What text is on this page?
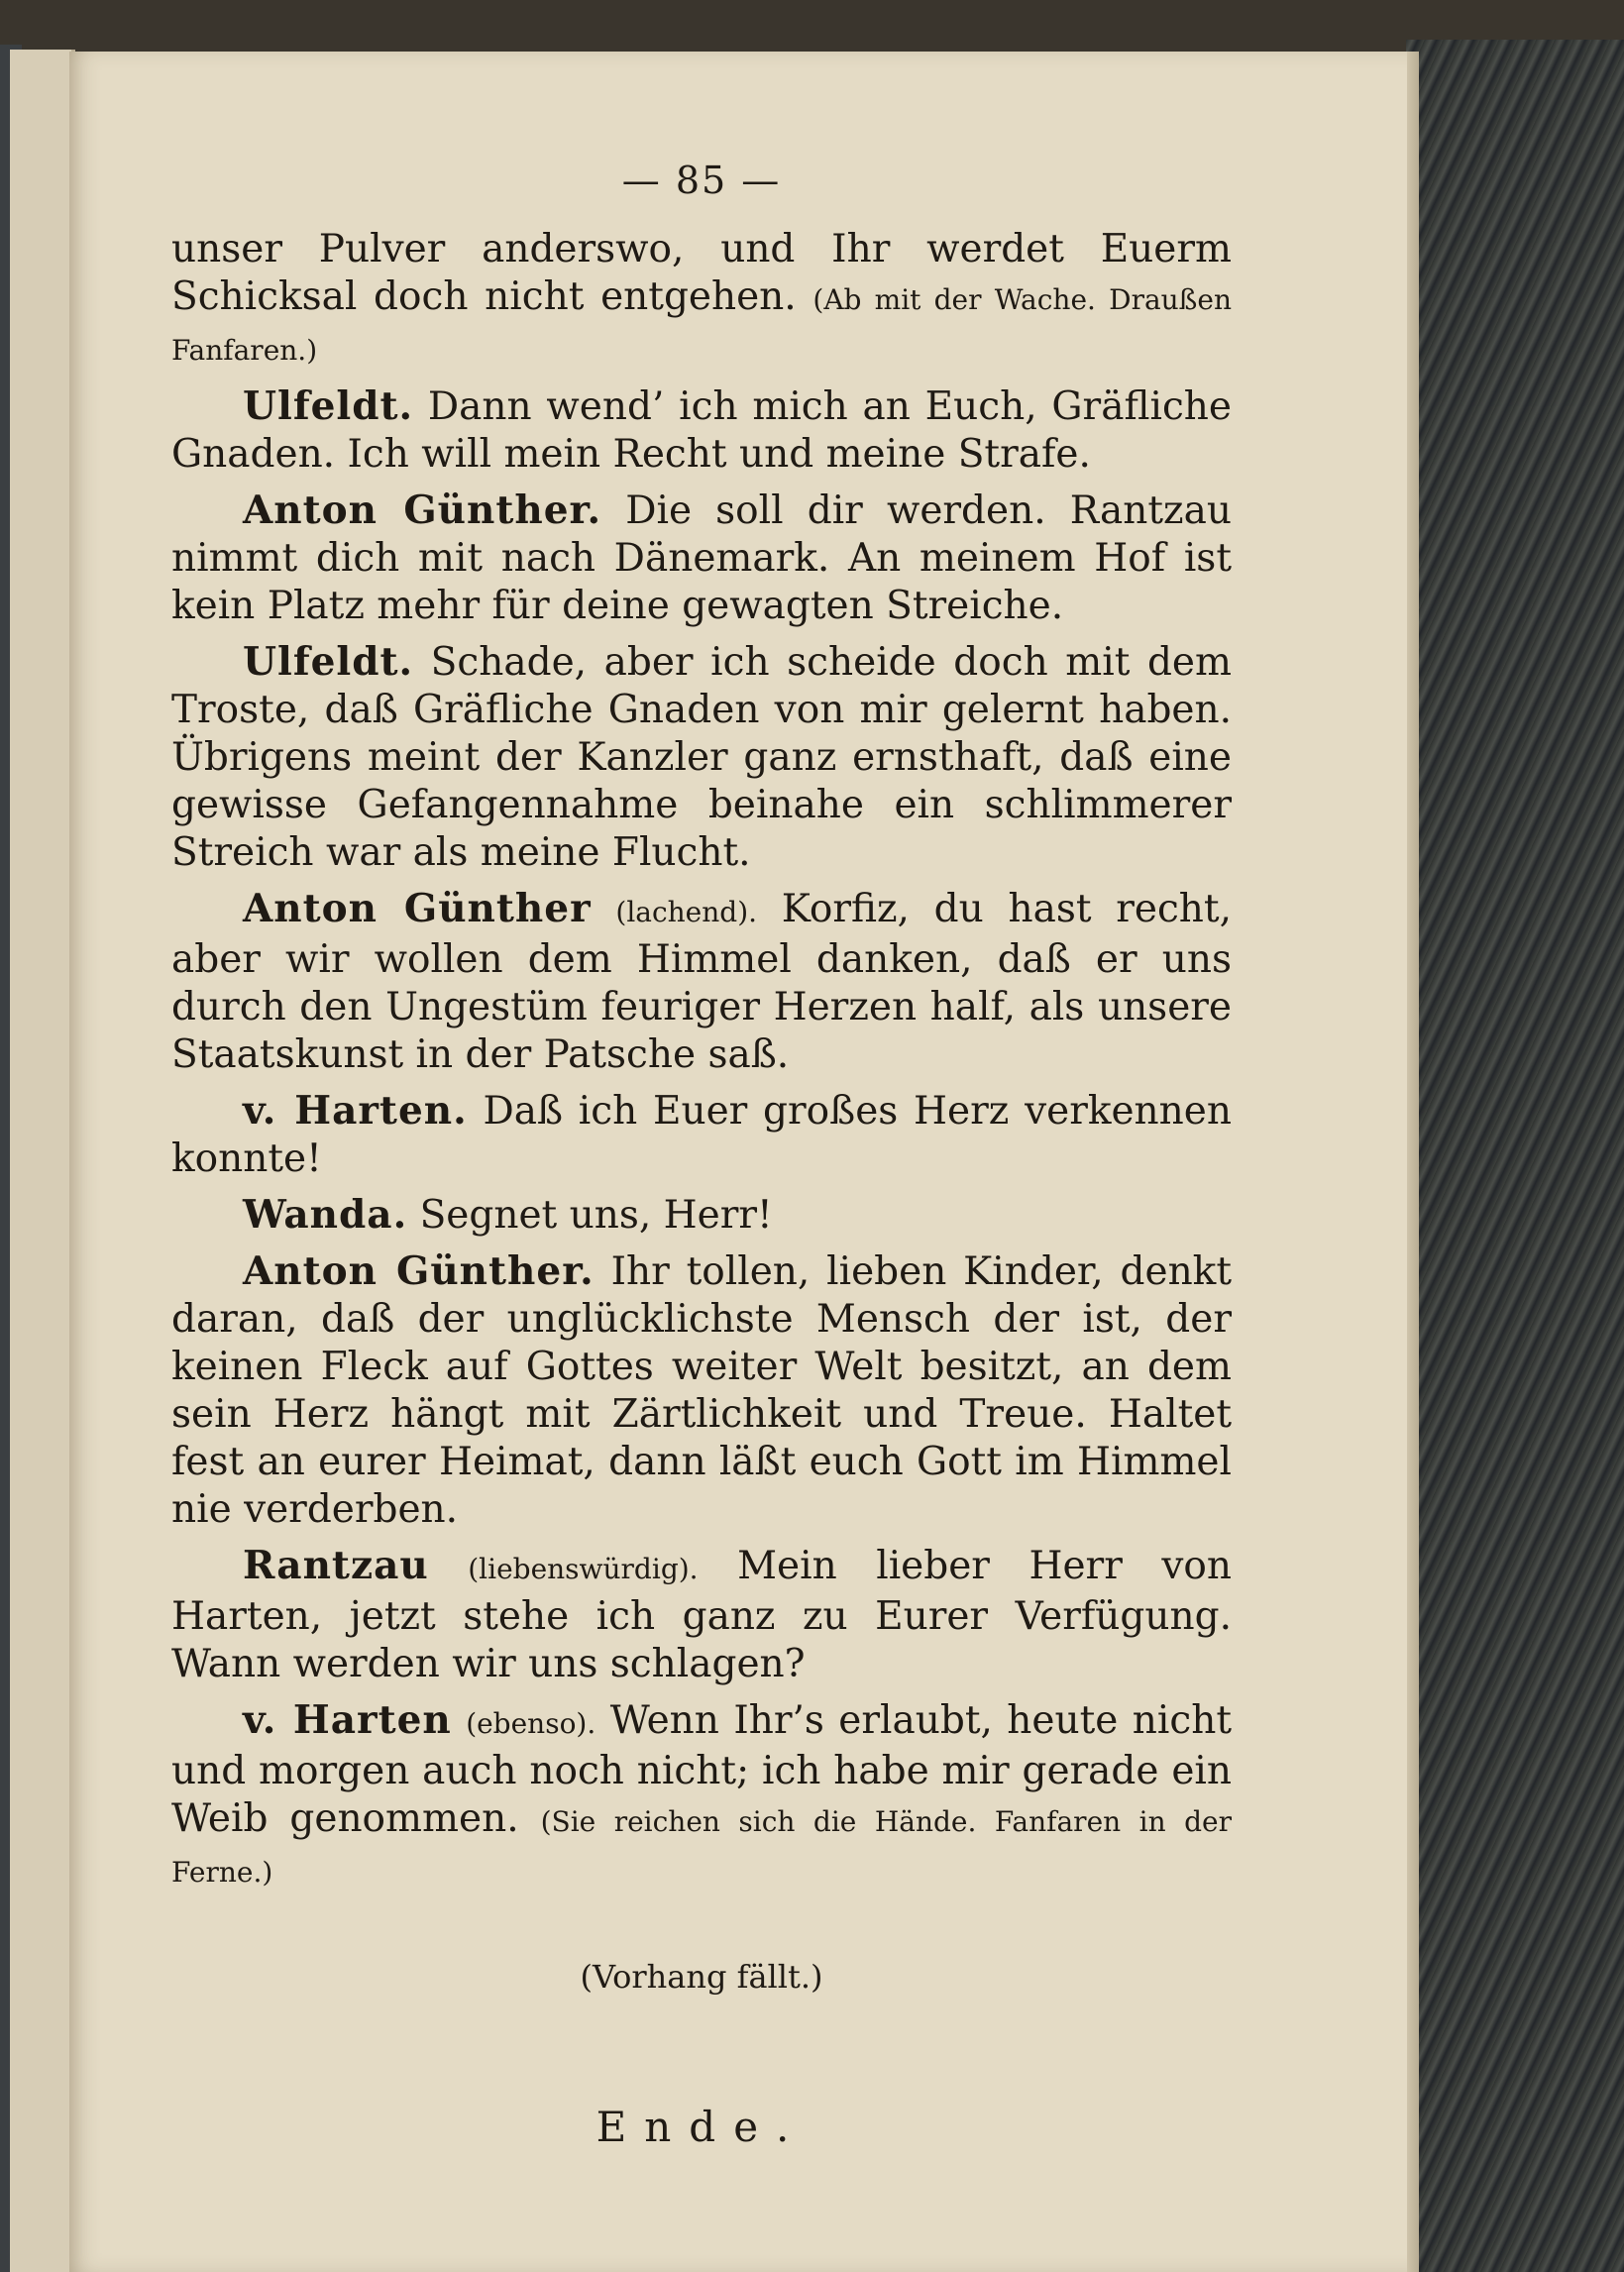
— 85 —

unser Pulver anderswo, und Ihr werdet Euerm Schicksal doch nicht entgehen. (Ab mit der Wache. Draußen Fanfaren.)

Ulfeldt. Dann wend’ ich mich an Euch, Gräfliche Gnaden. Ich will mein Recht und meine Strafe.

Anton Günther. Die soll dir werden. Rantzau nimmt dich mit nach Dänemark. An meinem Hof ist kein Platz mehr für deine gewagten Streiche.

Ulfeldt. Schade, aber ich scheide doch mit dem Troste, daß Gräfliche Gnaden von mir gelernt haben. Übrigens meint der Kanzler ganz ernsthaft, daß eine gewisse Gefangennahme beinahe ein schlimmerer Streich war als meine Flucht.

Anton Günther (lachend). Korfiz, du hast recht, aber wir wollen dem Himmel danken, daß er uns durch den Ungestüm feuriger Herzen half, als unsere Staatskunst in der Patsche saß.

v. Harten. Daß ich Euer großes Herz verkennen konnte!

Wanda. Segnet uns, Herr!

Anton Günther. Ihr tollen, lieben Kinder, denkt daran, daß der unglücklichste Mensch der ist, der keinen Fleck auf Gottes weiter Welt besitzt, an dem sein Herz hängt mit Zärtlichkeit und Treue. Haltet fest an eurer Heimat, dann läßt euch Gott im Himmel nie verderben.

Rantzau (liebenswürdig). Mein lieber Herr von Harten, jetzt stehe ich ganz zu Eurer Verfügung. Wann werden wir uns schlagen?

v. Harten (ebenso). Wenn Ihr’s erlaubt, heute nicht und morgen auch noch nicht; ich habe mir gerade ein Weib genommen. (Sie reichen sich die Hände. Fanfaren in der Ferne.)

(Vorhang fällt.)
Ende.
